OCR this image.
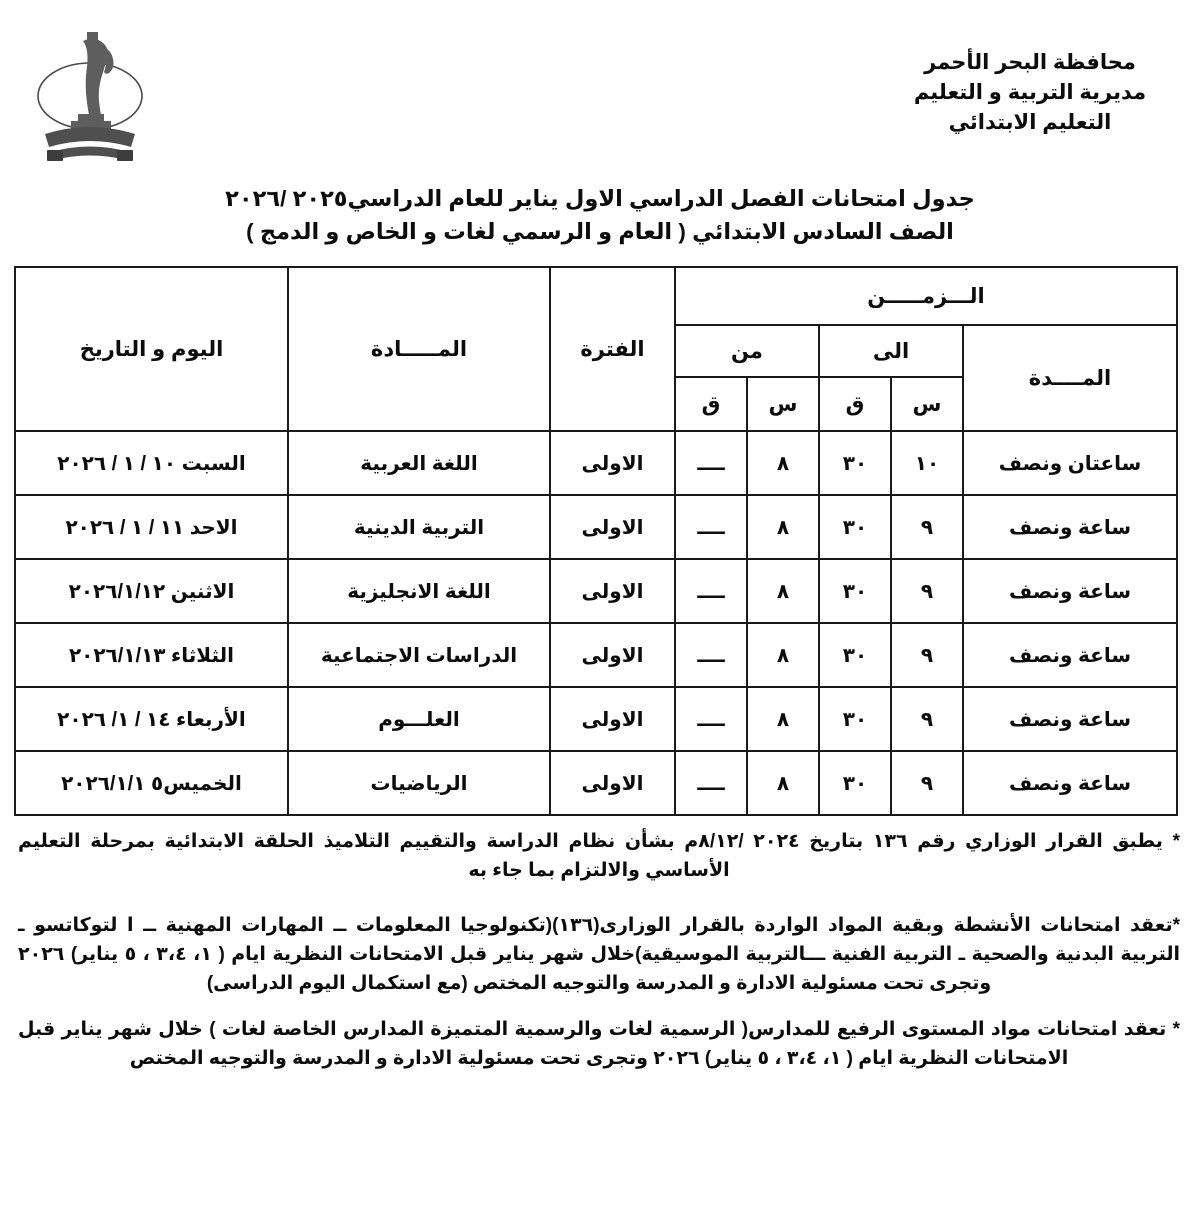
محافظة البحر الأحمر
مديرية التربية و التعليم
التعليم الابتدائي
جدول امتحانات الفصل الدراسي الاول يناير للعام الدراسي٢٠٢٥ /٢٠٢٦
الصف السادس الابتدائي ( العام و الرسمي لغات و الخاص و الدمج )
الـــزمـــــن					الفترة	المـــــادة	اليوم و التاريخ
المــــدة	الى		من				
	س	ق	س	ق			
ساعتان ونصف	١٠	٣٠	٨	ــــ	الاولى	اللغة العربية	السبت ١٠ / ١ / ٢٠٢٦
ساعة ونصف	٩	٣٠	٨	ــــ	الاولى	التربية الدينية	الاحد ١١ / ١ / ٢٠٢٦
ساعة ونصف	٩	٣٠	٨	ــــ	الاولى	اللغة الانجليزية	الاثنين ٢٠٢٦/١/١٢
ساعة ونصف	٩	٣٠	٨	ــــ	الاولى	الدراسات الاجتماعية	الثلاثاء ٢٠٢٦/١/١٣
ساعة ونصف	٩	٣٠	٨	ــــ	الاولى	العلـــوم	الأربعاء ١٤ / ١/ ٢٠٢٦
ساعة ونصف	٩	٣٠	٨	ــــ	الاولى	الرياضيات	الخميس٥ ٢٠٢٦/١/١
* يطبق القرار الوزاري رقم ١٣٦ بتاريخ ٢٠٢٤ /٨/١٢م بشأن نظام الدراسة والتقييم التلاميذ الحلقة الابتدائية بمرحلة التعليم الأساسي والالتزام بما جاء به
*تعقد امتحانات الأنشطة وبقية المواد الواردة بالقرار الوزارى(١٣٦)(تكنولوجيا المعلومات ــ المهارات المهنية ــ ا لتوكاتسو ـ التربية البدنية والصحية ـ التربية الفنية ـــالتربية الموسيقية)خلال شهر يناير قبل الامتحانات النظرية ايام ( ١، ٣،٤ ، ٥ يناير) ٢٠٢٦ وتجرى تحت مسئولية الادارة و المدرسة والتوجيه المختص (مع استكمال اليوم الدراسى)
* تعقد امتحانات مواد المستوى الرفيع للمدارس( الرسمية لغات والرسمية المتميزة المدارس الخاصة لغات ) خلال شهر يناير قبل الامتحانات النظرية ايام ( ١، ٣،٤ ، ٥ يناير) ٢٠٢٦ وتجرى تحت مسئولية الادارة و المدرسة والتوجيه المختص
